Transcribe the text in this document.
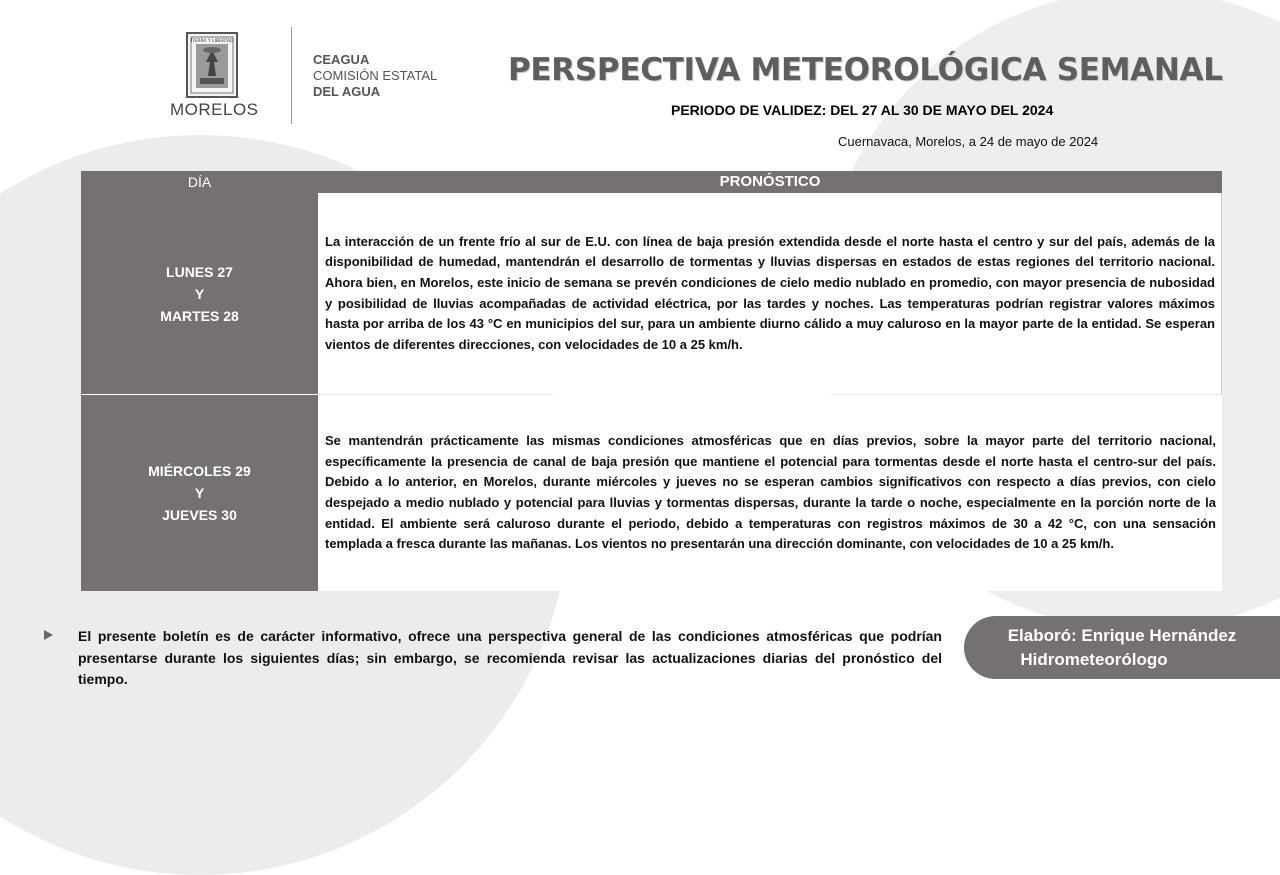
TIERRA Y LIBERTAD
MORELOS
CEAGUA
COMISIÓN ESTATAL
DEL AGUA
PERSPECTIVA METEOROLÓGICA SEMANAL
PERIODO DE VALIDEZ: DEL 27 AL 30 DE MAYO DEL 2024
Cuernavaca, Morelos, a 24 de mayo de 2024
DÍA	PRONÓSTICO
LUNES 27
Y
MARTES 28

La interacción de un frente frío al sur de E.U. con línea de baja presión extendida desde el norte hasta el centro y sur del país, además de la disponibilidad de humedad, mantendrán el desarrollo de tormentas y lluvias dispersas en estados de estas regiones del territorio nacional. Ahora bien, en Morelos, este inicio de semana se prevén condiciones de cielo medio nublado en promedio, con mayor presencia de nubosidad y posibilidad de lluvias acompañadas de actividad eléctrica, por las tardes y noches. Las temperaturas podrían registrar valores máximos hasta por arriba de los 43 °C en municipios del sur, para un ambiente diurno cálido a muy caluroso en la mayor parte de la entidad. Se esperan vientos de diferentes direcciones, con velocidades de 10 a 25 km/h.

MIÉRCOLES 29
Y
JUEVES 30

Se mantendrán prácticamente las mismas condiciones atmosféricas que en días previos, sobre la mayor parte del territorio nacional, específicamente la presencia de canal de baja presión que mantiene el potencial para tormentas desde el norte hasta el centro-sur del país. Debido a lo anterior, en Morelos, durante miércoles y jueves no se esperan cambios significativos con respecto a días previos, con cielo despejado a medio nublado y potencial para lluvias y tormentas dispersas, durante la tarde o noche, especialmente en la porción norte de la entidad. El ambiente será caluroso durante el periodo, debido a temperaturas con registros máximos de 30 a 42 °C, con una sensación templada a fresca durante las mañanas. Los vientos no presentarán una dirección dominante, con velocidades de 10 a 25 km/h.

El presente boletín es de carácter informativo, ofrece una perspectiva general de las condiciones atmosféricas que podrían presentarse durante los siguientes días; sin embargo, se recomienda revisar las actualizaciones diarias del pronóstico del tiempo.

Elaboró: Enrique Hernández
Hidrometeorólogo
